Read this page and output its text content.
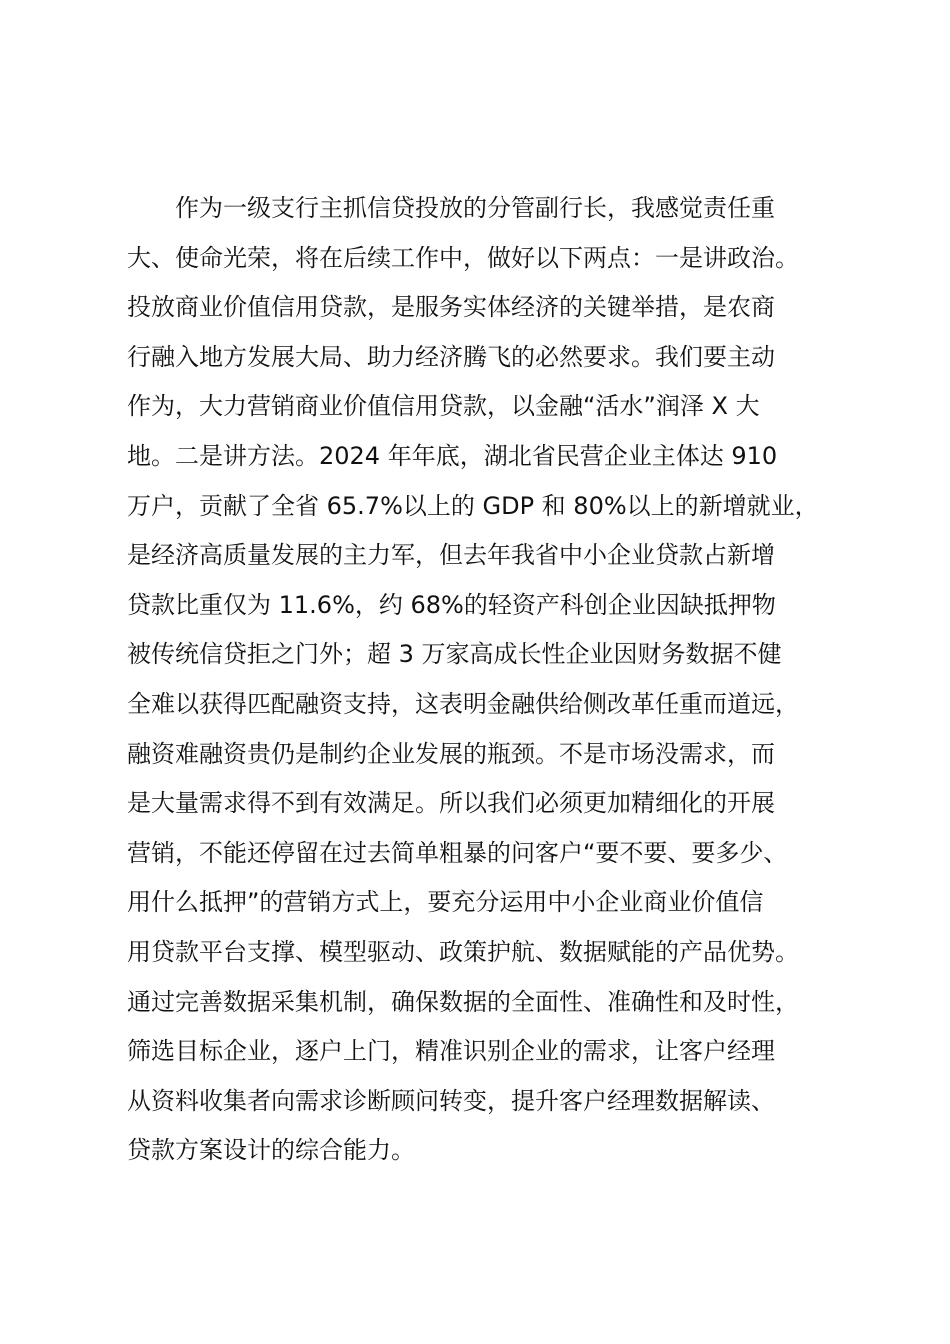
作为一级支行主抓信贷投放的分管副行长，我感觉责任重
大、使命光荣，将在后续工作中，做好以下两点：一是讲政治。
投放商业价值信用贷款，是服务实体经济的关键举措，是农商
行融入地方发展大局、助力经济腾飞的必然要求。我们要主动
作为，大力营销商业价值信用贷款，以金融“活水”润泽 X 大
地。二是讲方法。2024 年年底，湖北省民营企业主体达 910
万户，贡献了全省 65.7%以上的 GDP 和 80%以上的新增就业，
是经济高质量发展的主力军，但去年我省中小企业贷款占新增
贷款比重仅为 11.6%，约 68%的轻资产科创企业因缺抵押物
被传统信贷拒之门外；超 3 万家高成长性企业因财务数据不健
全难以获得匹配融资支持，这表明金融供给侧改革任重而道远，
融资难融资贵仍是制约企业发展的瓶颈。不是市场没需求，而
是大量需求得不到有效满足。所以我们必须更加精细化的开展
营销，不能还停留在过去简单粗暴的问客户“要不要、要多少、
用什么抵押”的营销方式上，要充分运用中小企业商业价值信
用贷款平台支撑、模型驱动、政策护航、数据赋能的产品优势。
通过完善数据采集机制，确保数据的全面性、准确性和及时性，
筛选目标企业，逐户上门，精准识别企业的需求，让客户经理
从资料收集者向需求诊断顾问转变，提升客户经理数据解读、
贷款方案设计的综合能力。
